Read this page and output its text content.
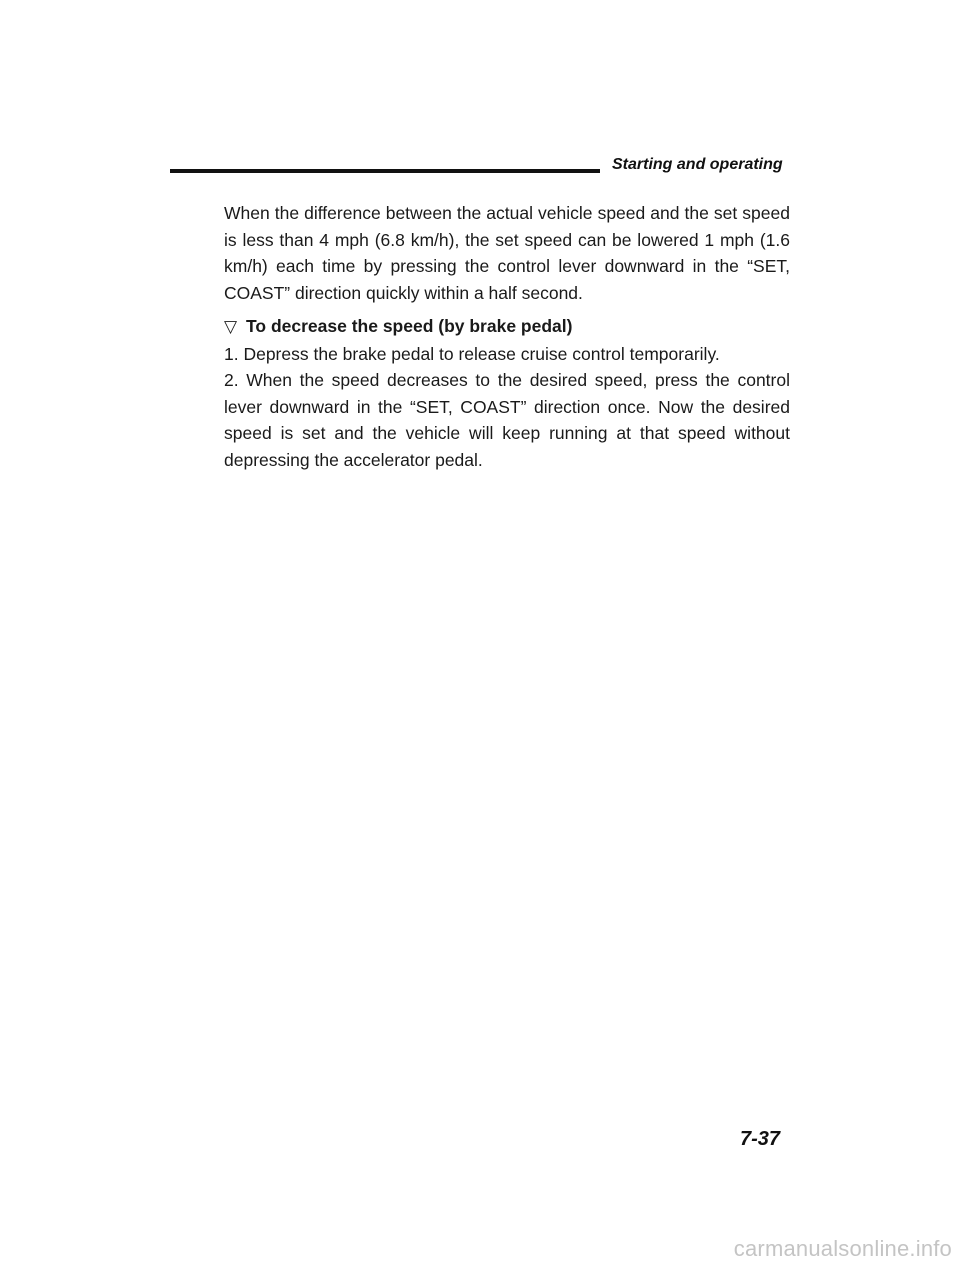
Starting and operating

When the difference between the actual vehicle speed and the set speed is less than 4 mph (6.8 km/h), the set speed can be lowered 1 mph (1.6 km/h) each time by pressing the control lever downward in the “SET, COAST” direction quickly within a half second.

▽ To decrease the speed (by brake pedal)

1. Depress the brake pedal to release cruise control temporarily.

2. When the speed decreases to the desired speed, press the control lever downward in the “SET, COAST” direction once. Now the desired speed is set and the vehicle will keep running at that speed without depressing the accelerator pedal.

7-37
carmanualsonline.info
